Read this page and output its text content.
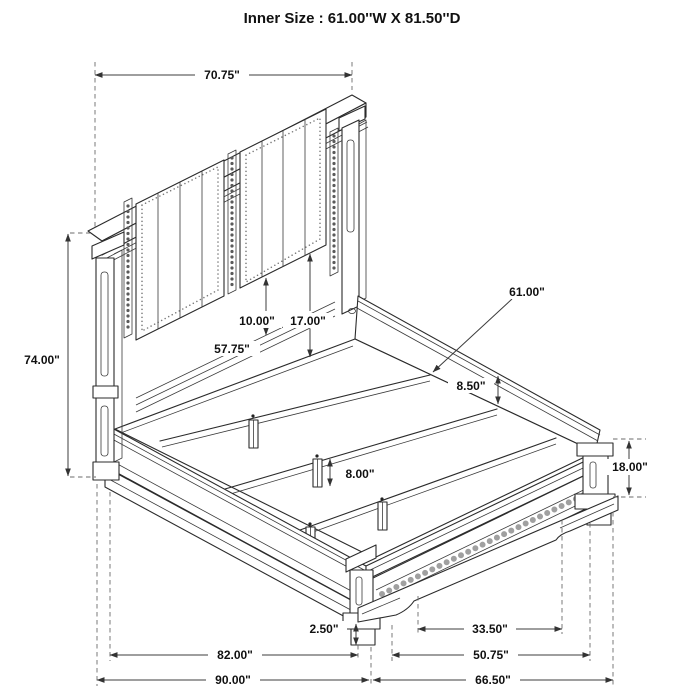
70.75"
74.00"
61.00"
10.00" 17.00"
57.75"
8.50"
8.00"	18.00"
2.50"	33.50"
82.00"	50.75"
90.00"	66.50"
Inner Size : 61.00''W X 81.50''D
